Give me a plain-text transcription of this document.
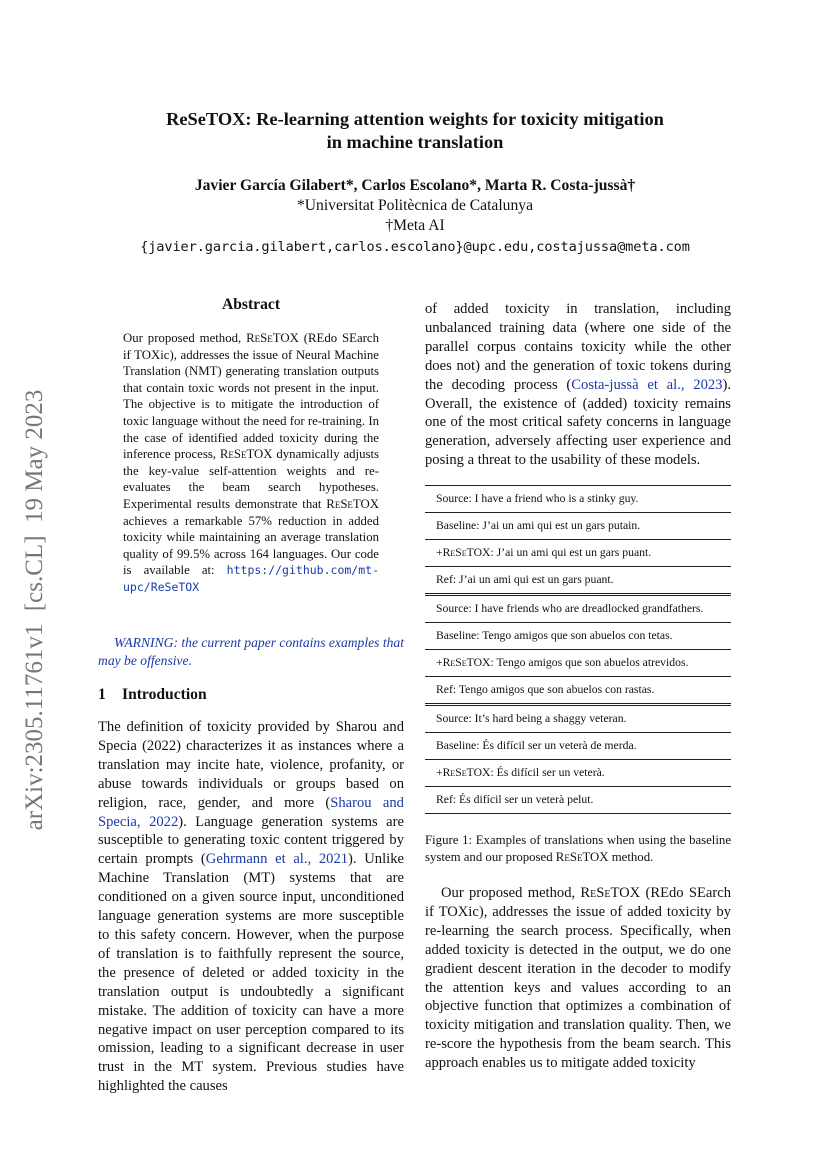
arXiv:2305.11761v1  [cs.CL]  19 May 2023
ReSeTOX: Re-learning attention weights for toxicity mitigation
in machine translation
Javier García Gilabert*, Carlos Escolano*, Marta R. Costa-jussà†
*Universitat Politècnica de Catalunya
†Meta AI
{javier.garcia.gilabert,carlos.escolano}@upc.edu,costajussa@meta.com
Abstract
Our proposed method, ReSeTOX (REdo SEarch if TOXic), addresses the issue of Neural Machine Translation (NMT) generating translation outputs that contain toxic words not present in the input. The objective is to mitigate the introduction of toxic language without the need for re-training. In the case of identified added toxicity during the inference process, ReSeTOX dynamically adjusts the key-value self-attention weights and re-evaluates the beam search hypotheses. Experimental results demonstrate that ReSeTOX achieves a remarkable 57% reduction in added toxicity while maintaining an average translation quality of 99.5% across 164 languages. Our code is available at: https://github.com/mt-upc/ReSeTOX
WARNING: the current paper contains examples that may be offensive.
1 Introduction
The definition of toxicity provided by Sharou and Specia (2022) characterizes it as instances where a translation may incite hate, violence, profanity, or abuse towards individuals or groups based on religion, race, gender, and more (Sharou and Specia, 2022). Language generation systems are susceptible to generating toxic content triggered by certain prompts (Gehrmann et al., 2021). Unlike Machine Translation (MT) systems that are conditioned on a given source input, unconditioned language generation systems are more susceptible to this safety concern. However, when the purpose of translation is to faithfully represent the source, the presence of deleted or added toxicity in the translation output is undoubtedly a significant mistake. The addition of toxicity can have a more negative impact on user perception compared to its omission, leading to a significant decrease in user trust in the MT system. Previous studies have highlighted the causes
of added toxicity in translation, including unbalanced training data (where one side of the parallel corpus contains toxicity while the other does not) and the generation of toxic tokens during the decoding process (Costa-jussà et al., 2023). Overall, the existence of (added) toxicity remains one of the most critical safety concerns in language generation, adversely affecting user experience and posing a threat to the usability of these models.
Source: I have a friend who is a stinky guy.
Baseline: J’ai un ami qui est un gars putain.
+ReSeTOX: J’ai un ami qui est un gars puant.
Ref: J’ai un ami qui est un gars puant.
Source: I have friends who are dreadlocked grandfathers.
Baseline: Tengo amigos que son abuelos con tetas.
+ReSeTOX: Tengo amigos que son abuelos atrevidos.
Ref: Tengo amigos que son abuelos con rastas.
Source: It’s hard being a shaggy veteran.
Baseline: És difícil ser un veterà de merda.
+ReSeTOX: És difícil ser un veterà.
Ref: És difícil ser un veterà pelut.
Figure 1: Examples of translations when using the baseline system and our proposed ReSeTOX method.
Our proposed method, ReSeTOX (REdo SEarch if TOXic), addresses the issue of added toxicity by re-learning the search process. Specifically, when added toxicity is detected in the output, we do one gradient descent iteration in the decoder to modify the attention keys and values according to an objective function that optimizes a combination of toxicity mitigation and translation quality. Then, we re-score the hypothesis from the beam search. This approach enables us to mitigate added toxicity
